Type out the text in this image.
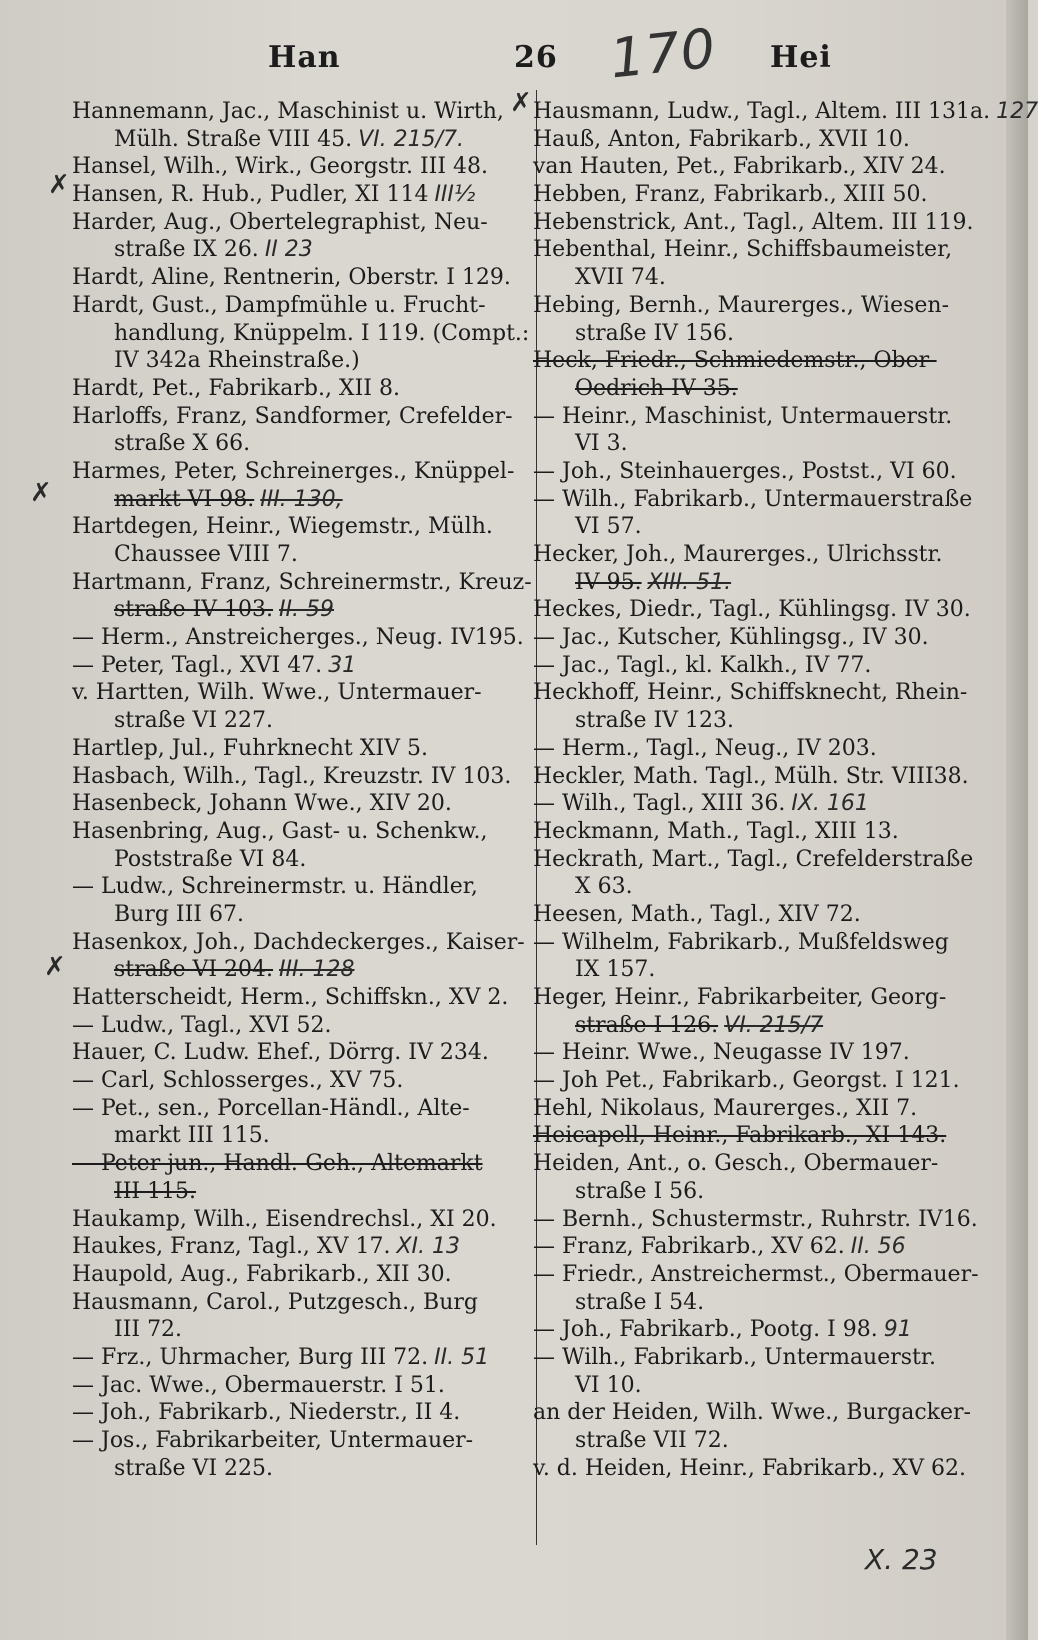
Han	26 170 Hei
Hannemann, Jac., Maschinist u. Wirth,
Mülh. Straße VIII 45. VI. 215/7.
Hansel, Wilh., Wirk., Georgstr. III 48.
Hansen, R. Hub., Pudler, XI 114 III½
Harder, Aug., Obertelegraphist, Neu-
straße IX 26. II 23
Hardt, Aline, Rentnerin, Oberstr. I 129.
Hardt, Gust., Dampfmühle u. Frucht-
handlung, Knüppelm. I 119. (Compt.:
IV 342a Rheinstraße.)
Hardt, Pet., Fabrikarb., XII 8.
Harloffs, Franz, Sandformer, Crefelder-
straße X 66.
Harmes, Peter, Schreinerges., Knüppel-
markt VI 98. III. 130,
Hartdegen, Heinr., Wiegemstr., Mülh.
Chaussee VIII 7.
Hartmann, Franz, Schreinermstr., Kreuz-
straße IV 103. II. 59
— Herm., Anstreicherges., Neug. IV195.
— Peter, Tagl., XVI 47. 31
v. Hartten, Wilh. Wwe., Untermauer-
straße VI 227.
Hartlep, Jul., Fuhrknecht XIV 5.
Hasbach, Wilh., Tagl., Kreuzstr. IV 103.
Hasenbeck, Johann Wwe., XIV 20.
Hasenbring, Aug., Gast- u. Schenkw.,
Poststraße VI 84.
— Ludw., Schreinermstr. u. Händler,
Burg III 67.
Hasenkox, Joh., Dachdeckerges., Kaiser-
straße VI 204. III. 128
Hatterscheidt, Herm., Schiffskn., XV 2.
— Ludw., Tagl., XVI 52.
Hauer, C. Ludw. Ehef., Dörrg. IV 234.
— Carl, Schlosserges., XV 75.
— Pet., sen., Porcellan-Händl., Alte-
markt III 115.
— Peter jun., Handl.-Geh., Altemarkt
III 115.
Haukamp, Wilh., Eisendrechsl., XI 20.
Haukes, Franz, Tagl., XV 17. XI. 13
Haupold, Aug., Fabrikarb., XII 30.
Hausmann, Carol., Putzgesch., Burg
III 72.
— Frz., Uhrmacher, Burg III 72. II. 51
— Jac. Wwe., Obermauerstr. I 51.
— Joh., Fabrikarb., Niederstr., II 4.
— Jos., Fabrikarbeiter, Untermauer-
straße VI 225.
Hausmann, Ludw., Tagl., Altem. III 131a. 127
Hauß, Anton, Fabrikarb., XVII 10.
van Hauten, Pet., Fabrikarb., XIV 24.
Hebben, Franz, Fabrikarb., XIII 50.
Hebenstrick, Ant., Tagl., Altem. III 119.
Hebenthal, Heinr., Schiffsbaumeister,
XVII 74.
Hebing, Bernh., Maurerges., Wiesen-
straße IV 156.
Heck, Friedr., Schmiedemstr., Ober-
Oedrich IV 35.
— Heinr., Maschinist, Untermauerstr.
VI 3.
— Joh., Steinhauerges., Postst., VI 60.
— Wilh., Fabrikarb., Untermauerstraße
VI 57.
Hecker, Joh., Maurerges., Ulrichsstr.
IV 95. XIII. 51.
Heckes, Diedr., Tagl., Kühlingsg. IV 30.
— Jac., Kutscher, Kühlingsg., IV 30.
— Jac., Tagl., kl. Kalkh., IV 77.
Heckhoff, Heinr., Schiffsknecht, Rhein-
straße IV 123.
— Herm., Tagl., Neug., IV 203.
Heckler, Math. Tagl., Mülh. Str. VIII38.
— Wilh., Tagl., XIII 36. IX. 161
Heckmann, Math., Tagl., XIII 13.
Heckrath, Mart., Tagl., Crefelderstraße
X 63.
Heesen, Math., Tagl., XIV 72.
— Wilhelm, Fabrikarb., Mußfeldsweg
IX 157.
Heger, Heinr., Fabrikarbeiter, Georg-
straße I 126. VI. 215/7
— Heinr. Wwe., Neugasse IV 197.
— Joh Pet., Fabrikarb., Georgst. I 121.
Hehl, Nikolaus, Maurerges., XII 7.
Heicapell, Heinr., Fabrikarb., XI 143.
Heiden, Ant., o. Gesch., Obermauer-
straße I 56.
— Bernh., Schustermstr., Ruhrstr. IV16.
— Franz, Fabrikarb., XV 62. II. 56
— Friedr., Anstreichermst., Obermauer-
straße I 54.
— Joh., Fabrikarb., Pootg. I 98. 91
— Wilh., Fabrikarb., Untermauerstr.
VI 10.
an der Heiden, Wilh. Wwe., Burgacker-
straße VII 72.
v. d. Heiden, Heinr., Fabrikarb., XV 62.
✗
✗
✗
✗
X. 23
